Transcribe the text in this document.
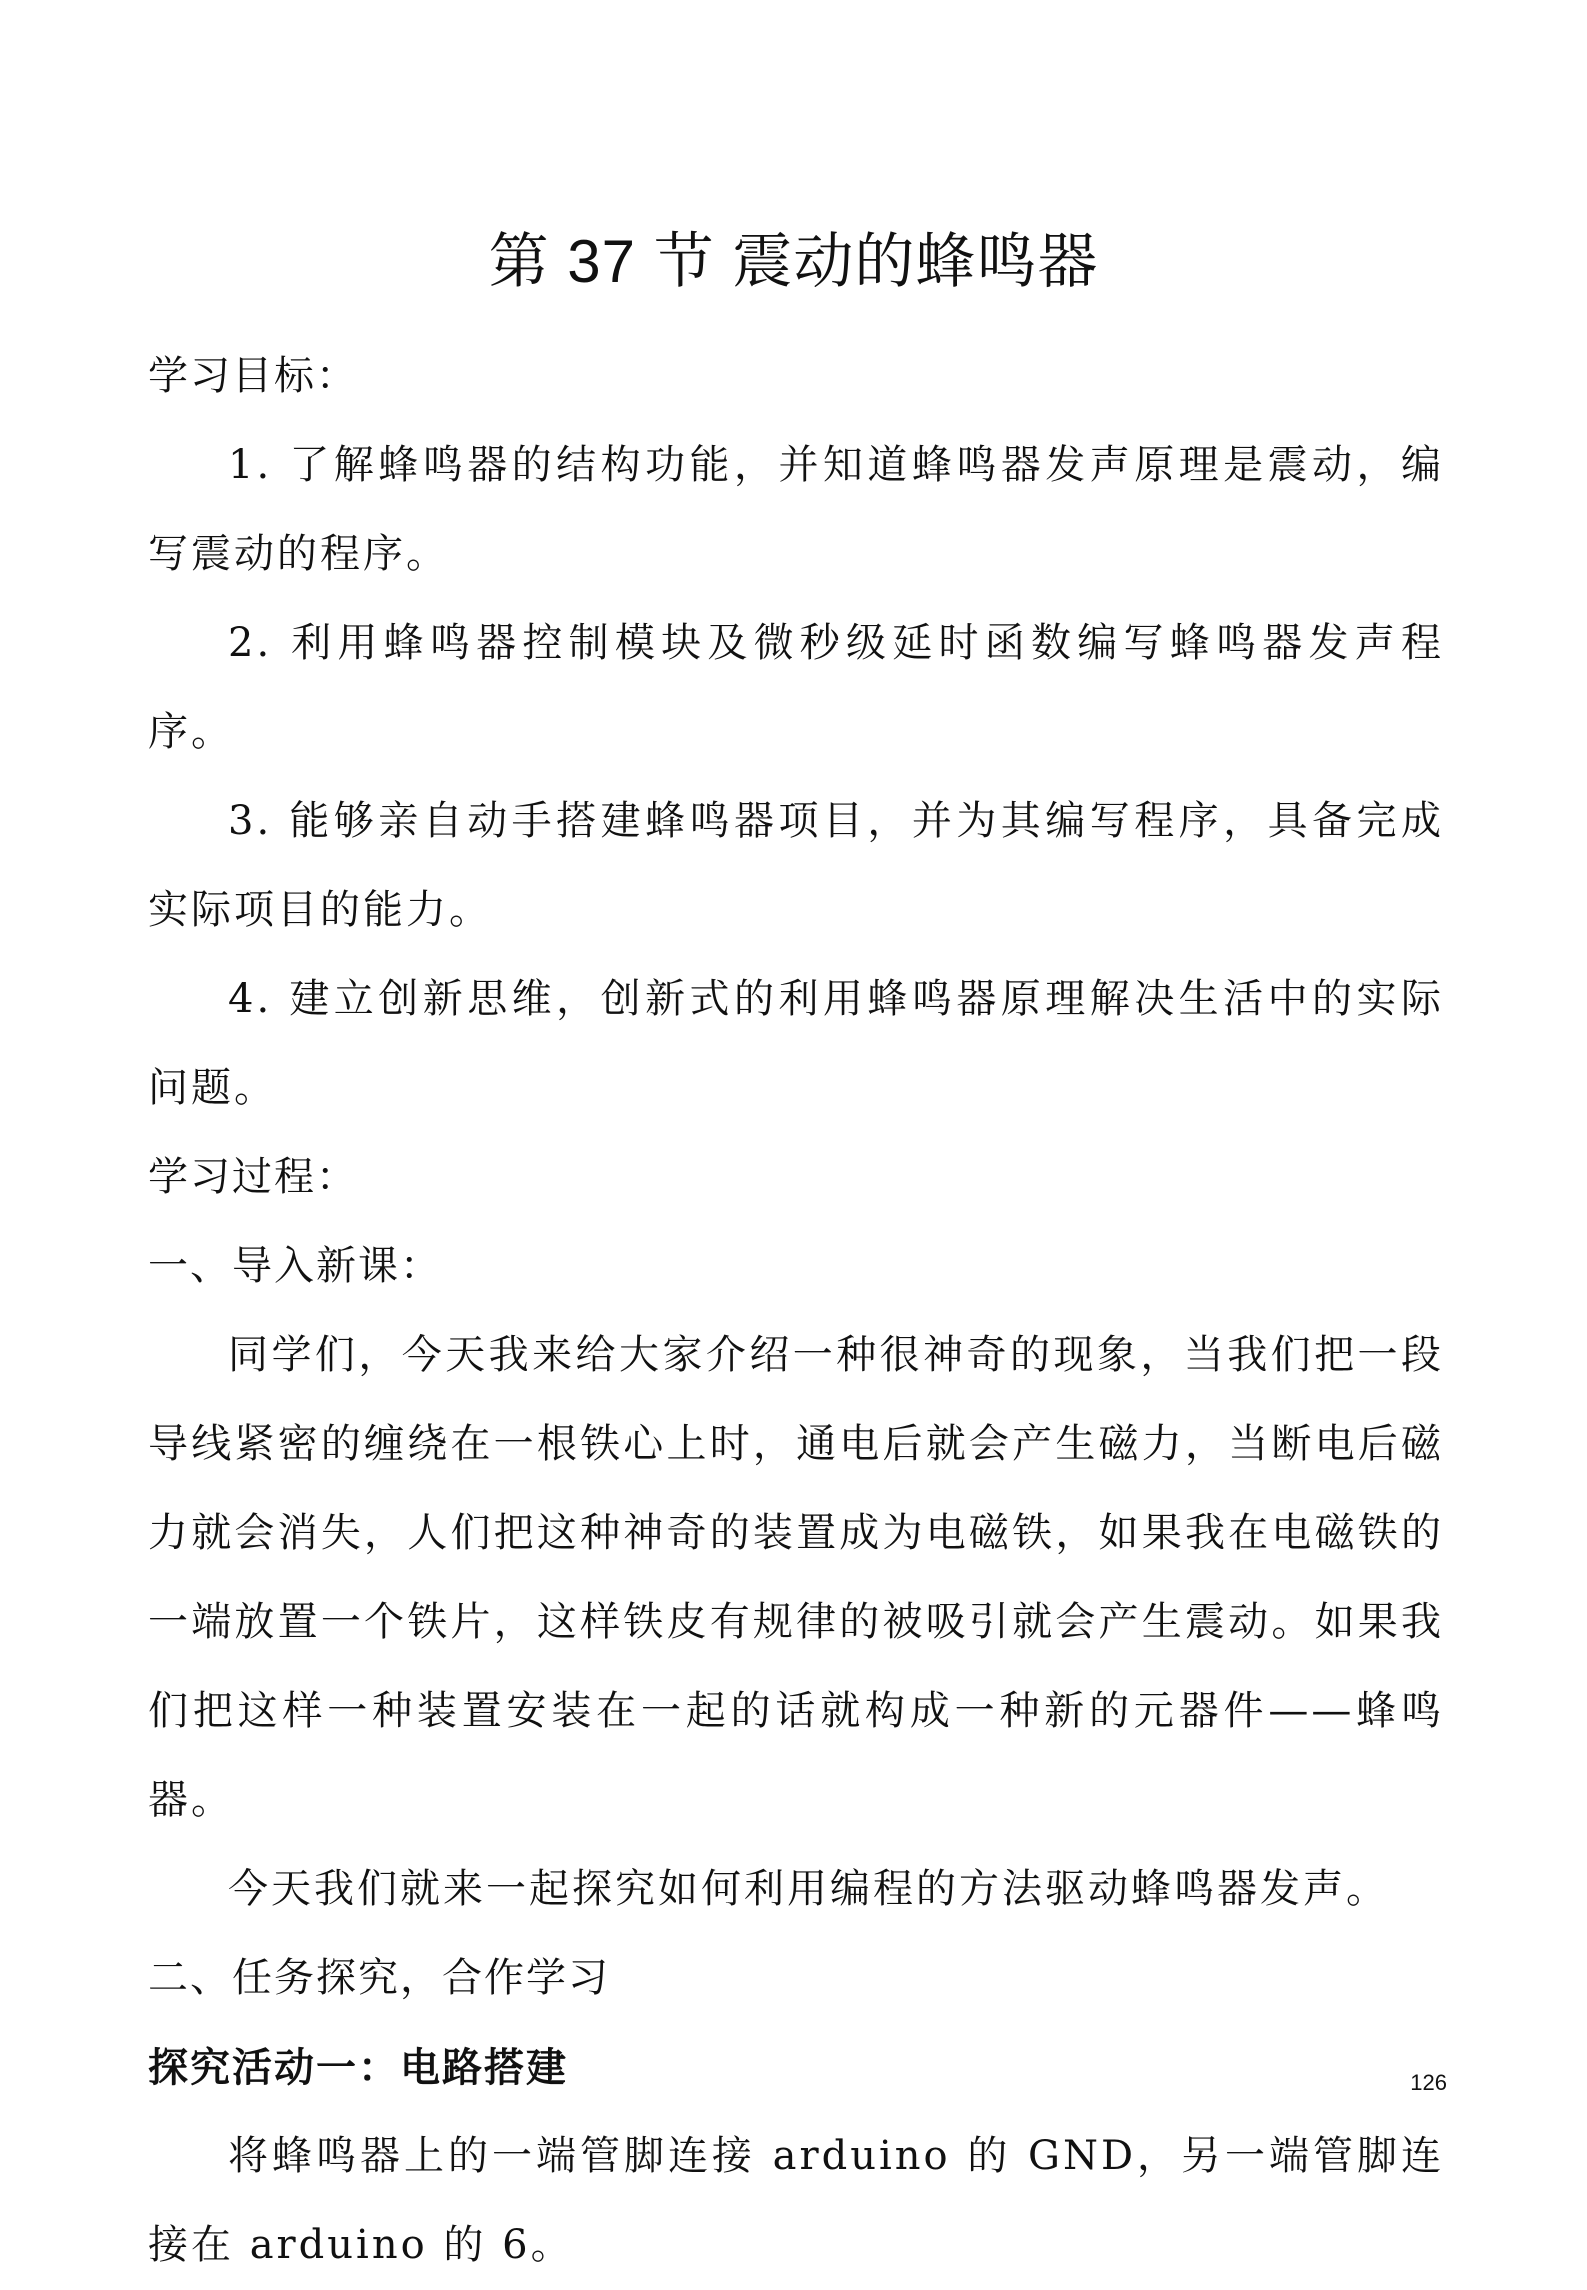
第 37 节 震动的蜂鸣器

学习目标：

1. 了解蜂鸣器的结构功能，并知道蜂鸣器发声原理是震动，编写震动的程序。

2. 利用蜂鸣器控制模块及微秒级延时函数编写蜂鸣器发声程序。

3. 能够亲自动手搭建蜂鸣器项目，并为其编写程序，具备完成实际项目的能力。

4. 建立创新思维，创新式的利用蜂鸣器原理解决生活中的实际问题。

学习过程：

一、导入新课：

同学们，今天我来给大家介绍一种很神奇的现象，当我们把一段导线紧密的缠绕在一根铁心上时，通电后就会产生磁力，当断电后磁力就会消失，人们把这种神奇的装置成为电磁铁，如果我在电磁铁的一端放置一个铁片，这样铁皮有规律的被吸引就会产生震动。如果我们把这样一种装置安装在一起的话就构成一种新的元器件——蜂鸣器。

今天我们就来一起探究如何利用编程的方法驱动蜂鸣器发声。

二、任务探究，合作学习

探究活动一：电路搭建

将蜂鸣器上的一端管脚连接 arduino 的 GND，另一端管脚连接在 arduino 的 6。

126
